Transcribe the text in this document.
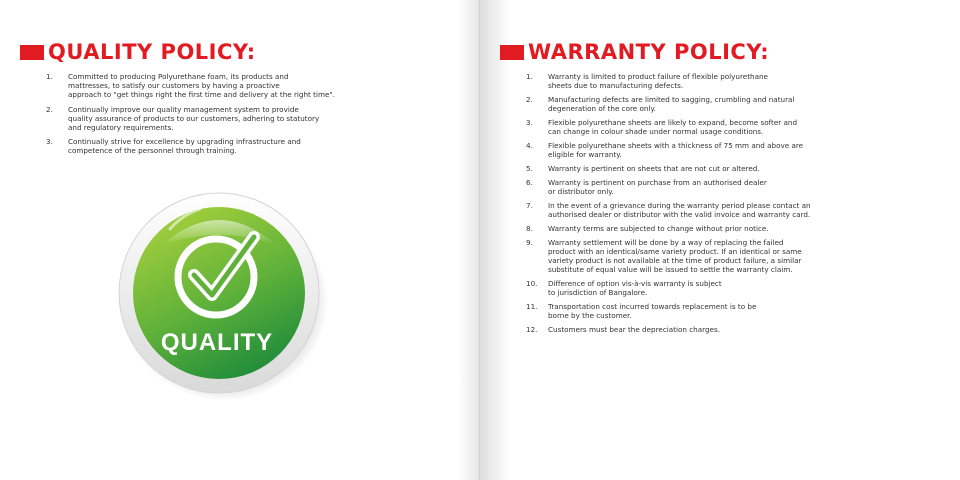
QUALITY POLICY:
1. Committed to producing Polyurethane foam, its products and
mattresses, to satisfy our customers by having a proactive
approach to "get things right the first time and delivery at the right time".
2. Continually improve our quality management system to provide
quality assurance of products to our customers, adhering to statutory
and regulatory requirements.
3. Continually strive for excellence by upgrading infrastructure and
competence of the personnel through training.
QUALITY
WARRANTY POLICY:
1. Warranty is limited to product failure of flexible polyurethane
sheets due to manufacturing defects.
2. Manufacturing defects are limited to sagging, crumbling and natural
degeneration of the core only.
3. Flexible polyurethane sheets are likely to expand, become softer and
can change in colour shade under normal usage conditions.
4. Flexible polyurethane sheets with a thickness of 75 mm and above are
eligible for warranty.
5. Warranty is pertinent on sheets that are not cut or altered.
6. Warranty is pertinent on purchase from an authorised dealer
or distributor only.
7. In the event of a grievance during the warranty period please contact an
authorised dealer or distributor with the valid invoice and warranty card.
8. Warranty terms are subjected to change without prior notice.
9. Warranty settlement will be done by a way of replacing the failed
product with an identical/same variety product. If an identical or same
variety product is not available at the time of product failure, a similar
substitute of equal value will be issued to settle the warranty claim.
10. Difference of option vis-à-vis warranty is subject
to jurisdiction of Bangalore.
11. Transportation cost incurred towards replacement is to be
borne by the customer.
12. Customers must bear the depreciation charges.
